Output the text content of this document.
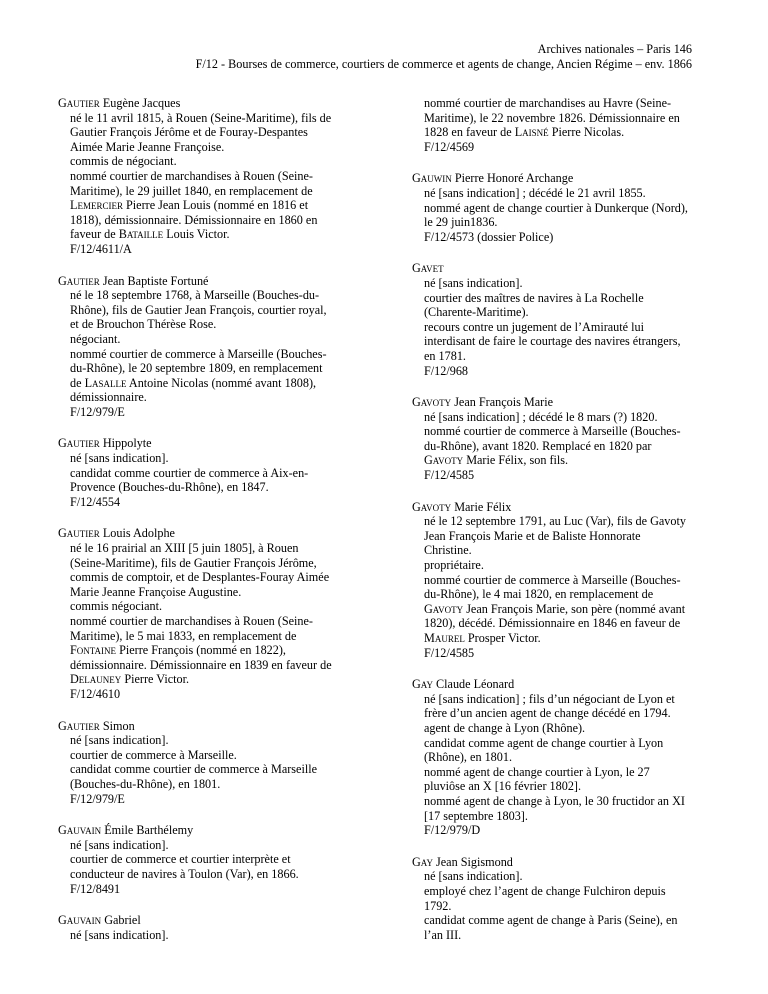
Archives nationales – Paris 146
F/12 - Bourses de commerce, courtiers de commerce et agents de change, Ancien Régime – env. 1866
Gautier Eugène Jacques
né le 11 avril 1815, à Rouen (Seine-Maritime), fils de
Gautier François Jérôme et de Fouray-Despantes
Aimée Marie Jeanne Françoise.
commis de négociant.
nommé courtier de marchandises à Rouen (Seine-
Maritime), le 29 juillet 1840, en remplacement de
Lemercier Pierre Jean Louis (nommé en 1816 et
1818), démissionnaire. Démissionnaire en 1860 en
faveur de Bataille Louis Victor.
F/12/4611/A
Gautier Jean Baptiste Fortuné
né le 18 septembre 1768, à Marseille (Bouches-du-
Rhône), fils de Gautier Jean François, courtier royal,
et de Brouchon Thérèse Rose.
négociant.
nommé courtier de commerce à Marseille (Bouches-
du-Rhône), le 20 septembre 1809, en remplacement
de Lasalle Antoine Nicolas (nommé avant 1808),
démissionnaire.
F/12/979/E
Gautier Hippolyte
né [sans indication].
candidat comme courtier de commerce à Aix-en-
Provence (Bouches-du-Rhône), en 1847.
F/12/4554
Gautier Louis Adolphe
né le 16 prairial an XIII [5 juin 1805], à Rouen
(Seine-Maritime), fils de Gautier François Jérôme,
commis de comptoir, et de Desplantes-Fouray Aimée
Marie Jeanne Françoise Augustine.
commis négociant.
nommé courtier de marchandises à Rouen (Seine-
Maritime), le 5 mai 1833, en remplacement de
Fontaine Pierre François (nommé en 1822),
démissionnaire. Démissionnaire en 1839 en faveur de
Delauney Pierre Victor.
F/12/4610
Gautier Simon
né [sans indication].
courtier de commerce à Marseille.
candidat comme courtier de commerce à Marseille
(Bouches-du-Rhône), en 1801.
F/12/979/E
Gauvain Émile Barthélemy
né [sans indication].
courtier de commerce et courtier interprète et
conducteur de navires à Toulon (Var), en 1866.
F/12/8491
Gauvain Gabriel
né [sans indication].
nommé courtier de marchandises au Havre (Seine-
Maritime), le 22 novembre 1826. Démissionnaire en
1828 en faveur de Laisné Pierre Nicolas.
F/12/4569
Gauwin Pierre Honoré Archange
né [sans indication] ; décédé le 21 avril 1855.
nommé agent de change courtier à Dunkerque (Nord),
le 29 juin1836.
F/12/4573 (dossier Police)
Gavet
né [sans indication].
courtier des maîtres de navires à La Rochelle
(Charente-Maritime).
recours contre un jugement de l’Amirauté lui
interdisant de faire le courtage des navires étrangers,
en 1781.
F/12/968
Gavoty Jean François Marie
né [sans indication] ; décédé le 8 mars (?) 1820.
nommé courtier de commerce à Marseille (Bouches-
du-Rhône), avant 1820. Remplacé en 1820 par
Gavoty Marie Félix, son fils.
F/12/4585
Gavoty Marie Félix
né le 12 septembre 1791, au Luc (Var), fils de Gavoty
Jean François Marie et de Baliste Honnorate
Christine.
propriétaire.
nommé courtier de commerce à Marseille (Bouches-
du-Rhône), le 4 mai 1820, en remplacement de
Gavoty Jean François Marie, son père (nommé avant
1820), décédé. Démissionnaire en 1846 en faveur de
Maurel Prosper Victor.
F/12/4585
Gay Claude Léonard
né [sans indication] ; fils d’un négociant de Lyon et
frère d’un ancien agent de change décédé en 1794.
agent de change à Lyon (Rhône).
candidat comme agent de change courtier à Lyon
(Rhône), en 1801.
nommé agent de change courtier à Lyon, le 27
pluviôse an X [16 février 1802].
nommé agent de change à Lyon, le 30 fructidor an XI
[17 septembre 1803].
F/12/979/D
Gay Jean Sigismond
né [sans indication].
employé chez l’agent de change Fulchiron depuis
1792.
candidat comme agent de change à Paris (Seine), en
l’an III.
